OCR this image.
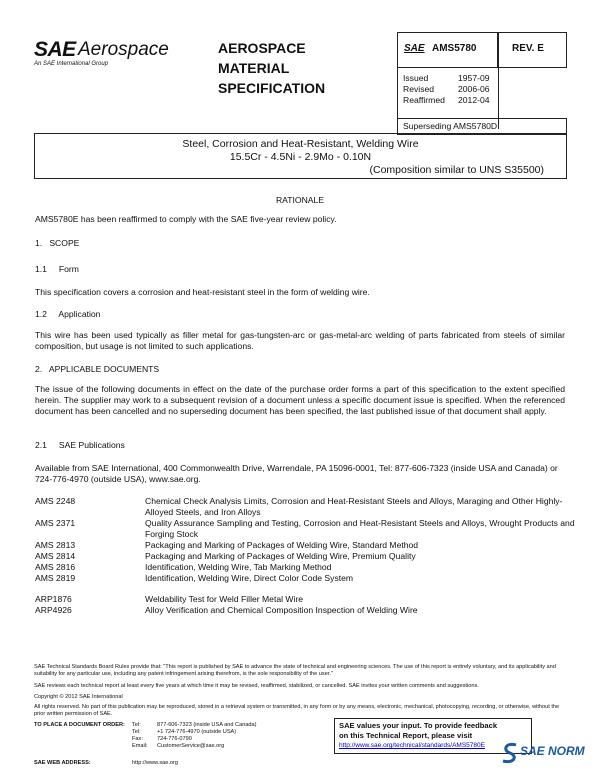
SAE Aerospace
An SAE International Group
AEROSPACE
MATERIAL
SPECIFICATION
SAE AMS5780	REV. E
Issued	1957-09
Revised	2006-06
Reaffirmed 2012-04
Superseding AMS5780D
Steel, Corrosion and Heat-Resistant, Welding Wire
15.5Cr - 4.5Ni - 2.9Mo - 0.10N
(Composition similar to UNS S35500)
RATIONALE
AMS5780E has been reaffirmed to comply with the SAE five-year review policy.
1.   SCOPE
1.1     Form
This specification covers a corrosion and heat-resistant steel in the form of welding wire.
1.2     Application
This wire has been used typically as filler metal for gas-tungsten-arc or gas-metal-arc welding of parts fabricated from steels of similar composition, but usage is not limited to such applications.
2.   APPLICABLE DOCUMENTS
The issue of the following documents in effect on the date of the purchase order forms a part of this specification to the extent specified herein. The supplier may work to a subsequent revision of a document unless a specific document issue is specified. When the referenced document has been cancelled and no superseding document has been specified, the last published issue of that document shall apply.
2.1     SAE Publications
Available from SAE International, 400 Commonwealth Drive, Warrendale, PA 15096-0001, Tel: 877-606-7323 (inside USA and Canada) or 724-776-4970 (outside USA), www.sae.org.
AMS 2248	Chemical Check Analysis Limits, Corrosion and Heat-Resistant Steels and Alloys, Maraging and Other Highly-Alloyed Steels, and Iron Alloys
AMS 2371	Quality Assurance Sampling and Testing, Corrosion and Heat-Resistant Steels and Alloys, Wrought Products and Forging Stock
AMS 2813	Packaging and Marking of Packages of Welding Wire, Standard Method
AMS 2814	Packaging and Marking of Packages of Welding Wire, Premium Quality
AMS 2816	Identification, Welding Wire, Tab Marking Method
AMS 2819	Identification, Welding Wire, Direct Color Code System
ARP1876	Weldability Test for Weld Filler Metal Wire
ARP4926	Alloy Verification and Chemical Composition Inspection of Welding Wire
SAE Technical Standards Board Rules provide that: "This report is published by SAE to advance the state of technical and engineering sciences. The use of this report is entirely voluntary, and its applicability and suitability for any particular use, including any patent infringement arising therefrom, is the sole responsibility of the user."
SAE reviews each technical report at least every five years at which time it may be revised, reaffirmed, stabilized, or cancelled. SAE invites your written comments and suggestions.
Copyright © 2012 SAE International
All rights reserved. No part of this publication may be reproduced, stored in a retrieval system or transmitted, in any form or by any means, electronic, mechanical, photocopying, recording, or otherwise, without the prior written permission of SAE.
TO PLACE A DOCUMENT ORDER: Tel:	877-606-7323 (inside USA and Canada)
Tel:	+1 724-776-4970 (outside USA)
Fax:	724-776-0790
Email: CustomerService@sae.org
SAE WEB ADDRESS:	http://www.sae.org
SAE values your input. To provide feedback
on this Technical Report, please visit
http://www.sae.org/technical/standards/AMS5780E	SAE NORM
